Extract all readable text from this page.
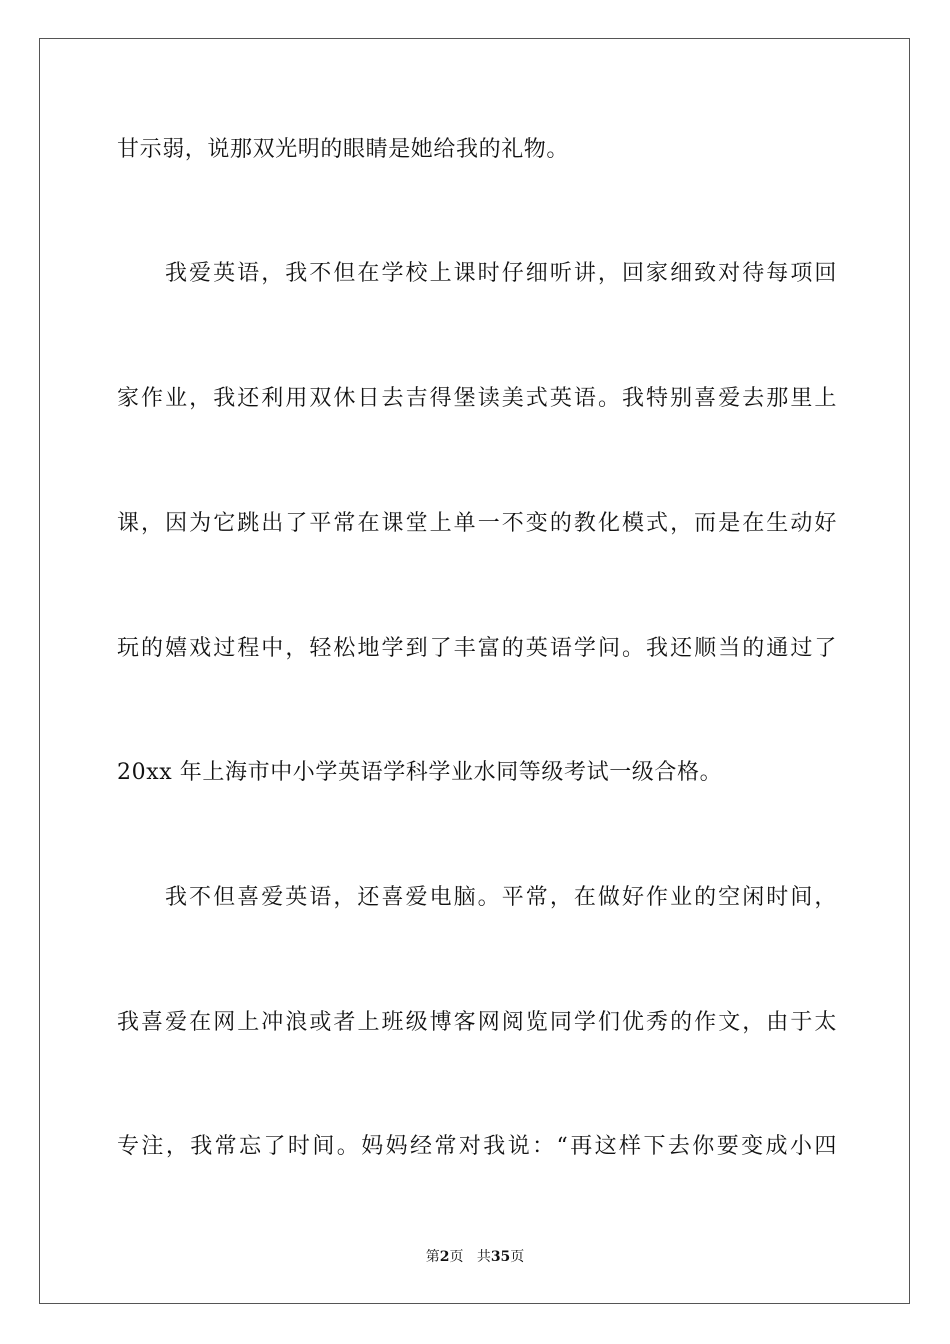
甘示弱，说那双光明的眼睛是她给我的礼物。
我爱英语，我不但在学校上课时仔细听讲，回家细致对待每项回
家作业，我还利用双休日去吉得堡读美式英语。我特别喜爱去那里上
课，因为它跳出了平常在课堂上单一不变的教化模式，而是在生动好
玩的嬉戏过程中，轻松地学到了丰富的英语学问。我还顺当的通过了
20xx 年上海市中小学英语学科学业水同等级考试一级合格。
我不但喜爱英语，还喜爱电脑。平常，在做好作业的空闲时间，
我喜爱在网上冲浪或者上班级博客网阅览同学们优秀的作文，由于太
专注，我常忘了时间。妈妈经常对我说：“再这样下去你要变成小四
第2页 共35页
